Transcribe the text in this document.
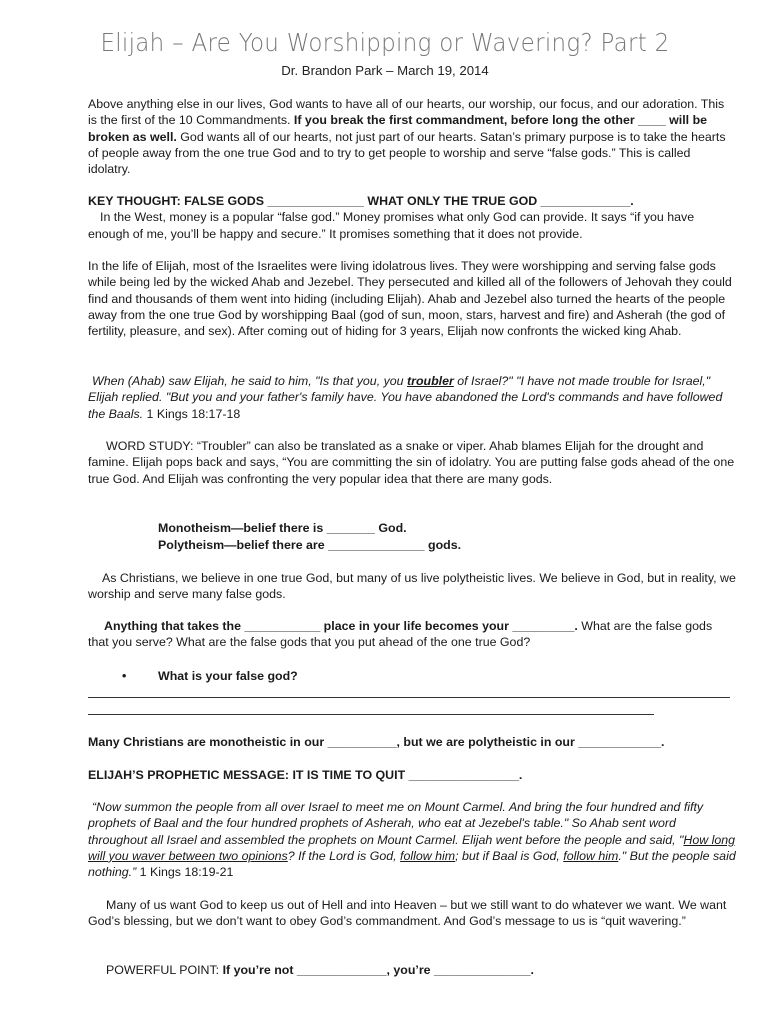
Elijah – Are You Worshipping or Wavering? Part 2
Dr. Brandon Park – March 19, 2014

Above anything else in our lives, God wants to have all of our hearts, our worship, our focus, and our adoration. This is the first of the 10 Commandments. If you break the first commandment, before long the other ____ will be broken as well. God wants all of our hearts, not just part of our hearts. Satan’s primary purpose is to take the hearts of people away from the one true God and to try to get people to worship and serve “false gods.” This is called idolatry.

KEY THOUGHT: FALSE GODS ______________ WHAT ONLY THE TRUE GOD _____________.
In the West, money is a popular “false god.” Money promises what only God can provide. It says “if you have enough of me, you’ll be happy and secure.” It promises something that it does not provide.

In the life of Elijah, most of the Israelites were living idolatrous lives. They were worshipping and serving false gods while being led by the wicked Ahab and Jezebel. They persecuted and killed all of the followers of Jehovah they could find and thousands of them went into hiding (including Elijah). Ahab and Jezebel also turned the hearts of the people away from the one true God by worshipping Baal (god of sun, moon, stars, harvest and fire) and Asherah (the god of fertility, pleasure, and sex). After coming out of hiding for 3 years, Elijah now confronts the wicked king Ahab.

When (Ahab) saw Elijah, he said to him, "Is that you, you troubler of Israel?" "I have not made trouble for Israel," Elijah replied. "But you and your father's family have. You have abandoned the Lord's commands and have followed the Baals. 1 Kings 18:17-18

WORD STUDY: “Troubler” can also be translated as a snake or viper. Ahab blames Elijah for the drought and famine. Elijah pops back and says, “You are committing the sin of idolatry. You are putting false gods ahead of the one true God. And Elijah was confronting the very popular idea that there are many gods.

Monotheism—belief there is _______ God.
Polytheism—belief there are ______________ gods.

As Christians, we believe in one true God, but many of us live polytheistic lives. We believe in God, but in reality, we worship and serve many false gods.

Anything that takes the ___________ place in your life becomes your _________. What are the false gods that you serve? What are the false gods that you put ahead of the one true God?

•	What is your false god?
Many Christians are monotheistic in our __________, but we are polytheistic in our ____________.
ELIJAH’S PROPHETIC MESSAGE: IT IS TIME TO QUIT ________________.

“Now summon the people from all over Israel to meet me on Mount Carmel. And bring the four hundred and fifty prophets of Baal and the four hundred prophets of Asherah, who eat at Jezebel's table." So Ahab sent word throughout all Israel and assembled the prophets on Mount Carmel. Elijah went before the people and said, "How long will you waver between two opinions? If the Lord is God, follow him; but if Baal is God, follow him." But the people said nothing.” 1 Kings 18:19-21

Many of us want God to keep us out of Hell and into Heaven – but we still want to do whatever we want. We want God’s blessing, but we don’t want to obey God’s commandment. And God’s message to us is “quit wavering.”

POWERFUL POINT: If you’re not _____________, you’re ______________.
